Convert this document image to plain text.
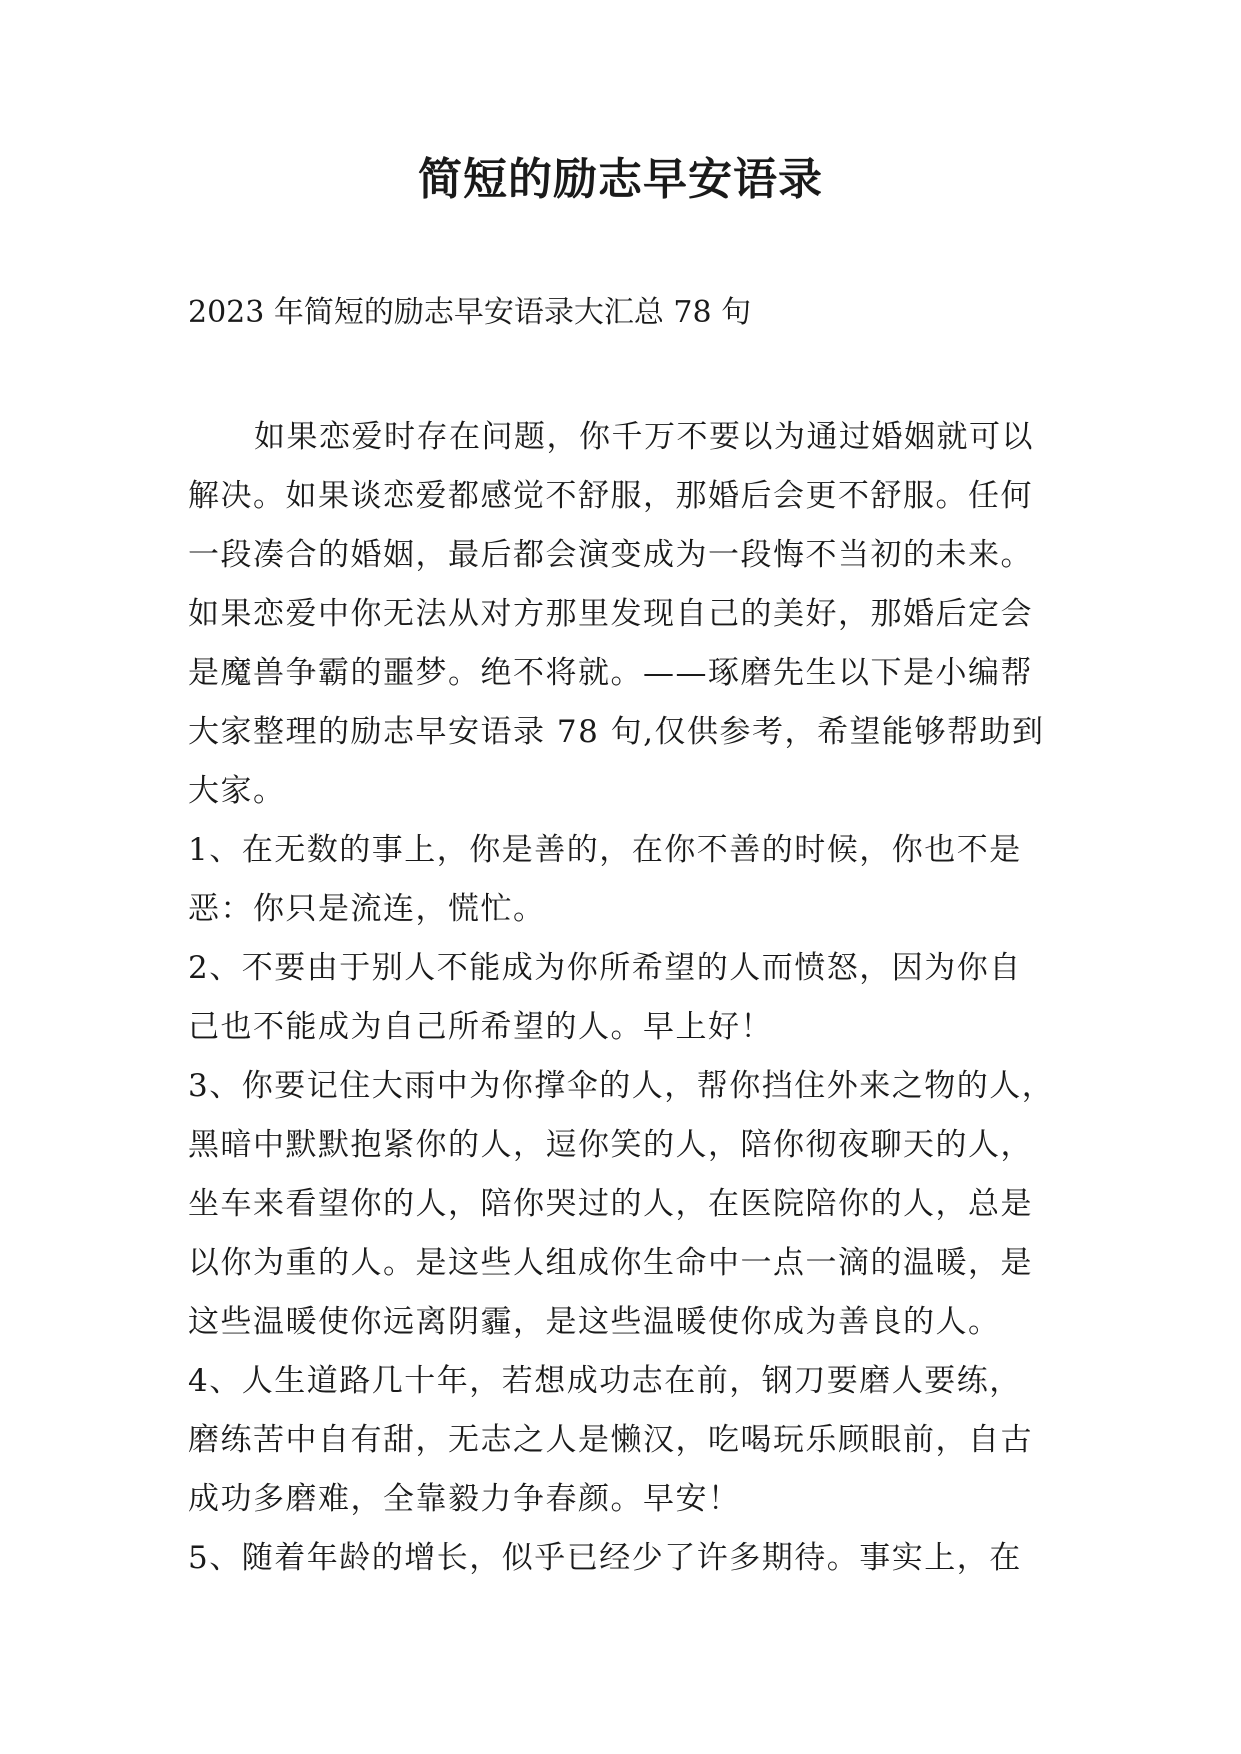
简短的励志早安语录
2023 年简短的励志早安语录大汇总 78 句
如果恋爱时存在问题，你千万不要以为通过婚姻就可以
解决。如果谈恋爱都感觉不舒服，那婚后会更不舒服。任何
一段凑合的婚姻，最后都会演变成为一段悔不当初的未来。
如果恋爱中你无法从对方那里发现自己的美好，那婚后定会
是魔兽争霸的噩梦。绝不将就。——琢磨先生以下是小编帮
大家整理的励志早安语录 78 句,仅供参考，希望能够帮助到
大家。
1、在无数的事上，你是善的，在你不善的时候，你也不是
恶：你只是流连，慌忙。
2、不要由于别人不能成为你所希望的人而愤怒，因为你自
己也不能成为自己所希望的人。早上好！
3、你要记住大雨中为你撑伞的人，帮你挡住外来之物的人，
黑暗中默默抱紧你的人，逗你笑的人，陪你彻夜聊天的人，
坐车来看望你的人，陪你哭过的人，在医院陪你的人，总是
以你为重的人。是这些人组成你生命中一点一滴的温暖，是
这些温暖使你远离阴霾，是这些温暖使你成为善良的人。
4、人生道路几十年，若想成功志在前，钢刀要磨人要练，
磨练苦中自有甜，无志之人是懒汉，吃喝玩乐顾眼前，自古
成功多磨难，全靠毅力争春颜。早安！
5、随着年龄的增长，似乎已经少了许多期待。事实上，在
